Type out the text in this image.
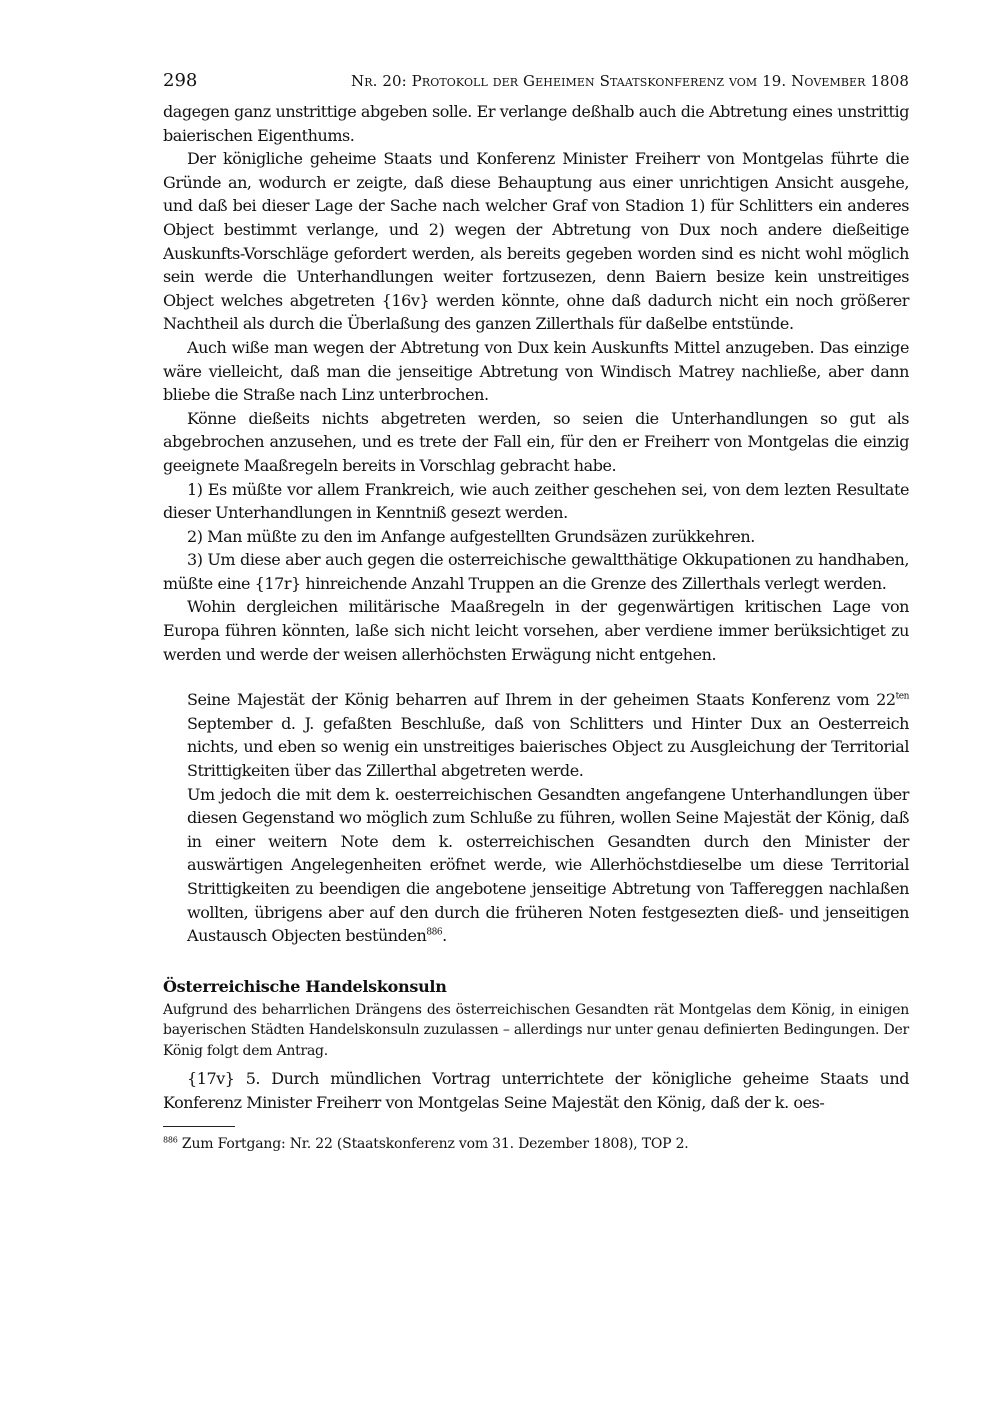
298	Nr. 20: Protokoll der Geheimen Staatskonferenz vom 19. November 1808

dagegen ganz unstrittige abgeben solle. Er verlange deßhalb auch die Abtretung eines unstrittig baierischen Eigenthums.

Der königliche geheime Staats und Konferenz Minister Freiherr von Montgelas führte die Gründe an, wodurch er zeigte, daß diese Behauptung aus einer unrichtigen Ansicht ausgehe, und daß bei dieser Lage der Sache nach welcher Graf von Stadion 1) für Schlitters ein anderes Object bestimmt verlange, und 2) wegen der Abtretung von Dux noch andere dießeitige Auskunfts-Vorschläge gefordert werden, als bereits gegeben worden sind es nicht wohl möglich sein werde die Unterhandlungen weiter fortzusezen, denn Baiern besize kein unstreitiges Object welches abgetreten {16v} werden könnte, ohne daß dadurch nicht ein noch größerer Nachtheil als durch die Überlaßung des ganzen Zillerthals für daßelbe entstünde.

Auch wiße man wegen der Abtretung von Dux kein Auskunfts Mittel anzugeben. Das einzige wäre vielleicht, daß man die jenseitige Abtretung von Windisch Matrey nachließe, aber dann bliebe die Straße nach Linz unterbrochen.

Könne dießeits nichts abgetreten werden, so seien die Unterhandlungen so gut als abgebrochen anzusehen, und es trete der Fall ein, für den er Freiherr von Montgelas die einzig geeignete Maaßregeln bereits in Vorschlag gebracht habe.

1) Es müßte vor allem Frankreich, wie auch zeither geschehen sei, von dem lezten Resultate dieser Unterhandlungen in Kenntniß gesezt werden.

2) Man müßte zu den im Anfange aufgestellten Grundsäzen zurükkehren.

3) Um diese aber auch gegen die osterreichische gewaltthätige Okkupationen zu handhaben, müßte eine {17r} hinreichende Anzahl Truppen an die Grenze des Zillerthals verlegt werden.

Wohin dergleichen militärische Maaßregeln in der gegenwärtigen kritischen Lage von Europa führen könnten, laße sich nicht leicht vorsehen, aber verdiene immer berüksichtiget zu werden und werde der weisen allerhöchsten Erwägung nicht entgehen.

Seine Majestät der König beharren auf Ihrem in der geheimen Staats Konferenz vom $22^{ten}$ September d. J. gefaßten Beschluße, daß von Schlitters und Hinter Dux an Oesterreich nichts, und eben so wenig ein unstreitiges baierisches Object zu Ausgleichung der Territorial Strittigkeiten über das Zillerthal abgetreten werde.

Um jedoch die mit dem k. oesterreichischen Gesandten angefangene Unterhandlungen über diesen Gegenstand wo möglich zum Schluße zu führen, wollen Seine Majestät der König, daß in einer weitern Note dem k. osterreichischen Gesandten durch den Minister der auswärtigen Angelegenheiten eröfnet werde, wie Allerhöchstdieselbe um diese Territorial Strittigkeiten zu beendigen die angebotene jenseitige Abtretung von Taffereggen nachlaßen wollten, übrigens aber auf den durch die früheren Noten festgesezten dieß- und jenseitigen Austausch Objecten bestünden$^{886}$.

Österreichische Handelskonsuln
Aufgrund des beharrlichen Drängens des österreichischen Gesandten rät Montgelas dem König, in einigen bayerischen Städten Handelskonsuln zuzulassen – allerdings nur unter genau definierten Bedingungen. Der König folgt dem Antrag.

{17v} 5. Durch mündlichen Vortrag unterrichtete der königliche geheime Staats und Konferenz Minister Freiherr von Montgelas Seine Majestät den König, daß der k. oes-

$^{886}$ Zum Fortgang: Nr. 22 (Staatskonferenz vom 31. Dezember 1808), TOP 2.
